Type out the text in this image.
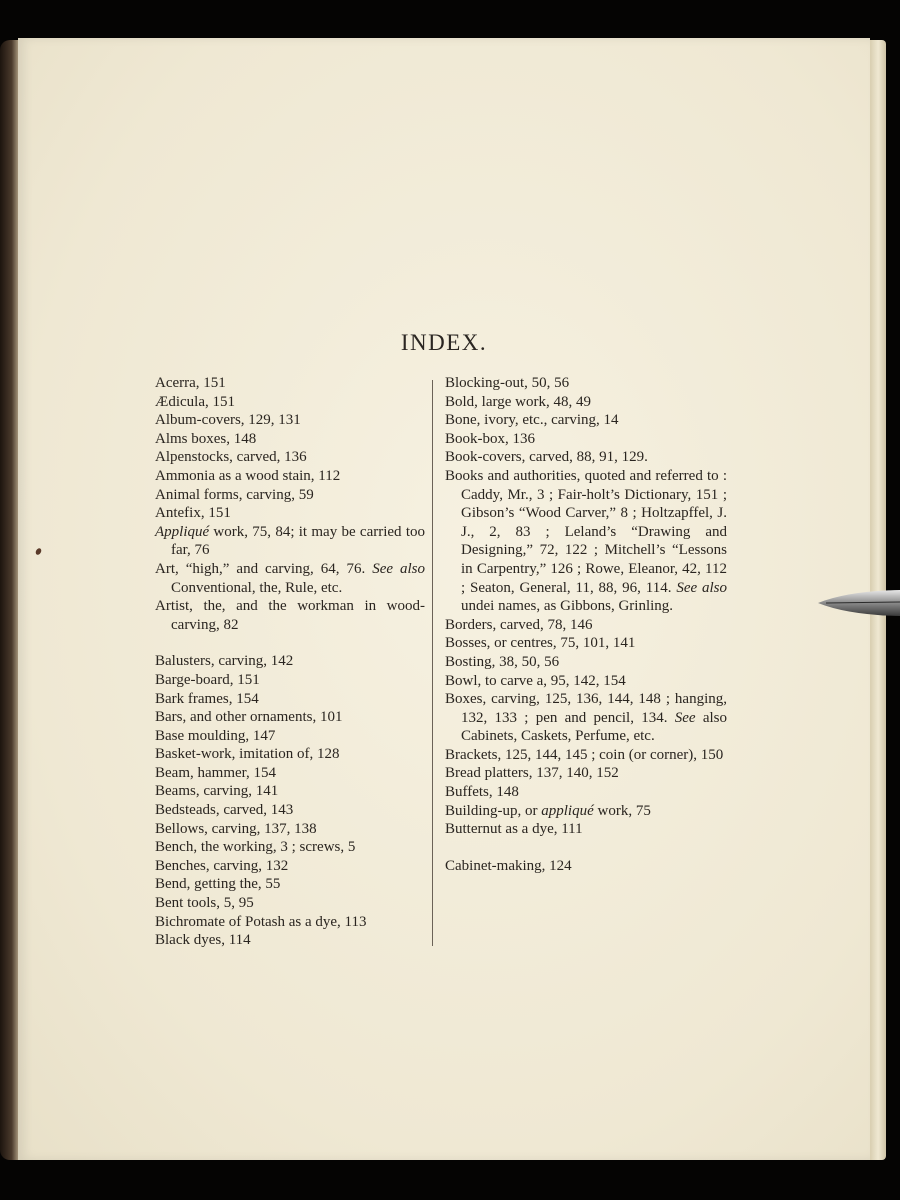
INDEX.

Acerra, 151

Ædicula, 151

Album-covers, 129, 131

Alms boxes, 148

Alpenstocks, carved, 136

Ammonia as a wood stain, 112

Animal forms, carving, 59

Antefix, 151

Appliqué work, 75, 84; it may be carried too far, 76

Art, “high,” and carving, 64, 76. See also Conventional, the, Rule, etc.

Artist, the, and the workman in wood-carving, 82

Balusters, carving, 142

Barge-board, 151

Bark frames, 154

Bars, and other ornaments, 101

Base moulding, 147

Basket-work, imitation of, 128

Beam, hammer, 154

Beams, carving, 141

Bedsteads, carved, 143

Bellows, carving, 137, 138

Bench, the working, 3 ; screws, 5

Benches, carving, 132

Bend, getting the, 55

Bent tools, 5, 95

Bichromate of Potash as a dye, 113

Black dyes, 114

Blocking-out, 50, 56

Bold, large work, 48, 49

Bone, ivory, etc., carving, 14

Book-box, 136

Book-covers, carved, 88, 91, 129.

Books and authorities, quoted and referred to : Caddy, Mr., 3 ; Fair-holt’s Dictionary, 151 ; Gibson’s “Wood Carver,” 8 ; Holtzapffel, J. J., 2, 83 ; Leland’s “Drawing and Designing,” 72, 122 ; Mitchell’s “Lessons in Carpentry,” 126 ; Rowe, Eleanor, 42, 112 ; Seaton, General, 11, 88, 96, 114. See also undei names, as Gibbons, Grinling.

Borders, carved, 78, 146

Bosses, or centres, 75, 101, 141

Bosting, 38, 50, 56

Bowl, to carve a, 95, 142, 154

Boxes, carving, 125, 136, 144, 148 ; hanging, 132, 133 ; pen and pencil, 134. See also Cabinets, Caskets, Perfume, etc.

Brackets, 125, 144, 145 ; coin (or corner), 150

Bread platters, 137, 140, 152

Buffets, 148

Building-up, or appliqué work, 75

Butternut as a dye, 111

Cabinet-making, 124
